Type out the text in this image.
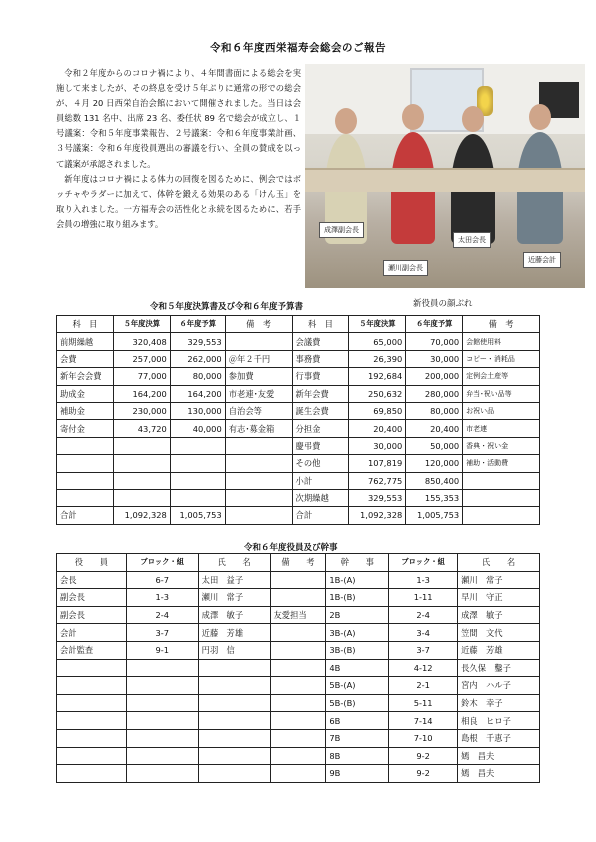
令和６年度西栄福寿会総会のご報告

令和２年度からのコロナ禍により、４年間書面による総会を実施して来ましたが、その終息を受け５年ぶりに通常の形での総会が、４月 20 日西栄自治会館において開催されました。当日は会員総数 131 名中、出席 23 名、委任状 89 名で総会が成立し、１号議案：令和５年度事業報告、２号議案：令和６年度事業計画、３号議案：令和６年度役員選出の審議を行い、全員の賛成を以って議案が承認されました。

新年度はコロナ禍による体力の回復を図るために、例会ではボッチャやラダーに加えて、体幹を鍛える効果のある「けん玉」を取り入れました。一方福寿会の活性化と永続を図るために、若手会員の増強に取り組みます。

成澤副会長
太田会長
瀬川副会長
近藤会計
新役員の顔ぶれ
令和５年度決算書及び令和６年度予算書
科　目	５年度決算	６年度予算	備　考	科　目	５年度決算	６年度予算	備　考
前期繰越	320,408	329,553		会議費	65,000	70,000	会館使用料
会費	257,000	262,000	＠年２千円	事務費	26,390	30,000	コピー・消耗品
新年会会費	77,000	80,000	参加費	行事費	192,684	200,000	定例会土産等
助成金	164,200	164,200	市老連･友愛	新年会費	250,632	280,000	弁当･祝い品等
補助金	230,000	130,000	自治会等	誕生会費	69,850	80,000	お祝い品
寄付金	43,720	40,000	有志･募金箱	分担金	20,400	20,400	市老連
				慶弔費	30,000	50,000	香典・祝い金
				その他	107,819	120,000	補助・活動費
				小計	762,775	850,400	
				次期繰越	329,553	155,353	
合計	1,092,328	1,005,753		合計	1,092,328	1,005,753	
令和６年度役員及び幹事
役　　員	ブロック・組	氏　　名	備　　考	幹　　事	ブロック・組	氏　　名
会長	6-7	太田　益子		1B-(A)	1-3	瀬川　常子
副会長	1-3	瀬川　常子		1B-(B)	1-11	早川　守正
副会長	2-4	成澤　敏子	友愛担当	2B	2-4	成澤　敏子
会計	3-7	近藤　芳雄		3B-(A)	3-4	笠間　文代
会計監査	9-1	円羽　信		3B-(B)	3-7	近藤　芳雄
				4B	4-12	長久保　鑿子
				5B-(A)	2-1	宮内　ハル子
				5B-(B)	5-11	鈴木　幸子
				6B	7-14	相良　ヒロ子
				7B	7-10	島根　千恵子
				8B	9-2	嫣　昌夫
				9B	9-2	嫣　昌夫
